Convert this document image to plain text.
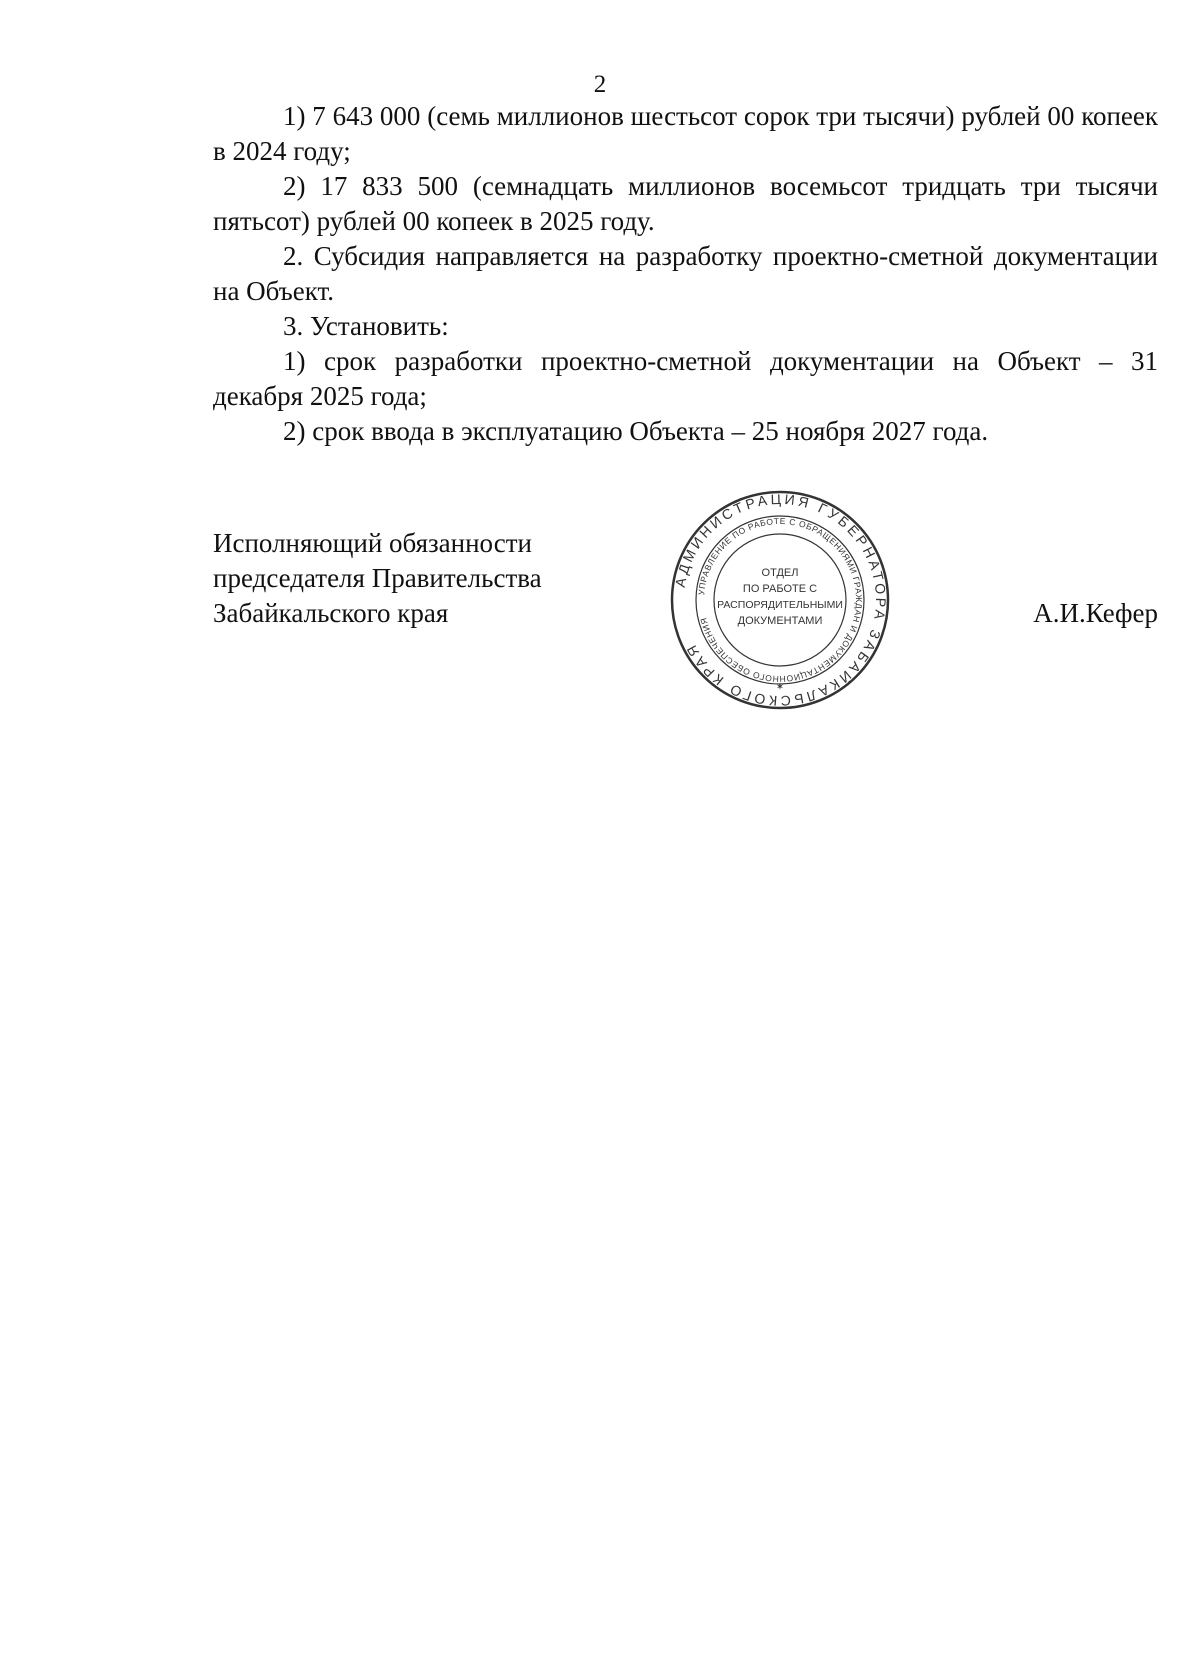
2

1) 7 643 000 (семь миллионов шестьсот сорок три тысячи) рублей 00 копеек в 2024 году;

2) 17 833 500 (семнадцать миллионов восемьсот тридцать три тысячи пятьсот) рублей 00 копеек в 2025 году.

2. Субсидия направляется на разработку проектно-сметной документации на Объект.

3. Установить:

1) срок разработки проектно-сметной документации на Объект – 31 декабря 2025 года;

2) срок ввода в эксплуатацию Объекта – 25 ноября 2027 года.

Исполняющий обязанности
председателя Правительства
Забайкальского края
АДМИНИСТРАЦИЯ ГУБЕРНАТОРА ЗАБАЙКАЛЬСКОГО КРАЯ
УПРАВЛЕНИЕ ПО РАБОТЕ С ОБРАЩЕНИЯМИ ГРАЖДАН И ДОКУМЕНТАЦИОННОГО ОБЕСПЕЧЕНИЯ
ОТДЕЛ
ПО РАБОТЕ С
РАСПОРЯДИТЕЛЬНЫМИ
ДОКУМЕНТАМИ
✶
А.И.Кефер
